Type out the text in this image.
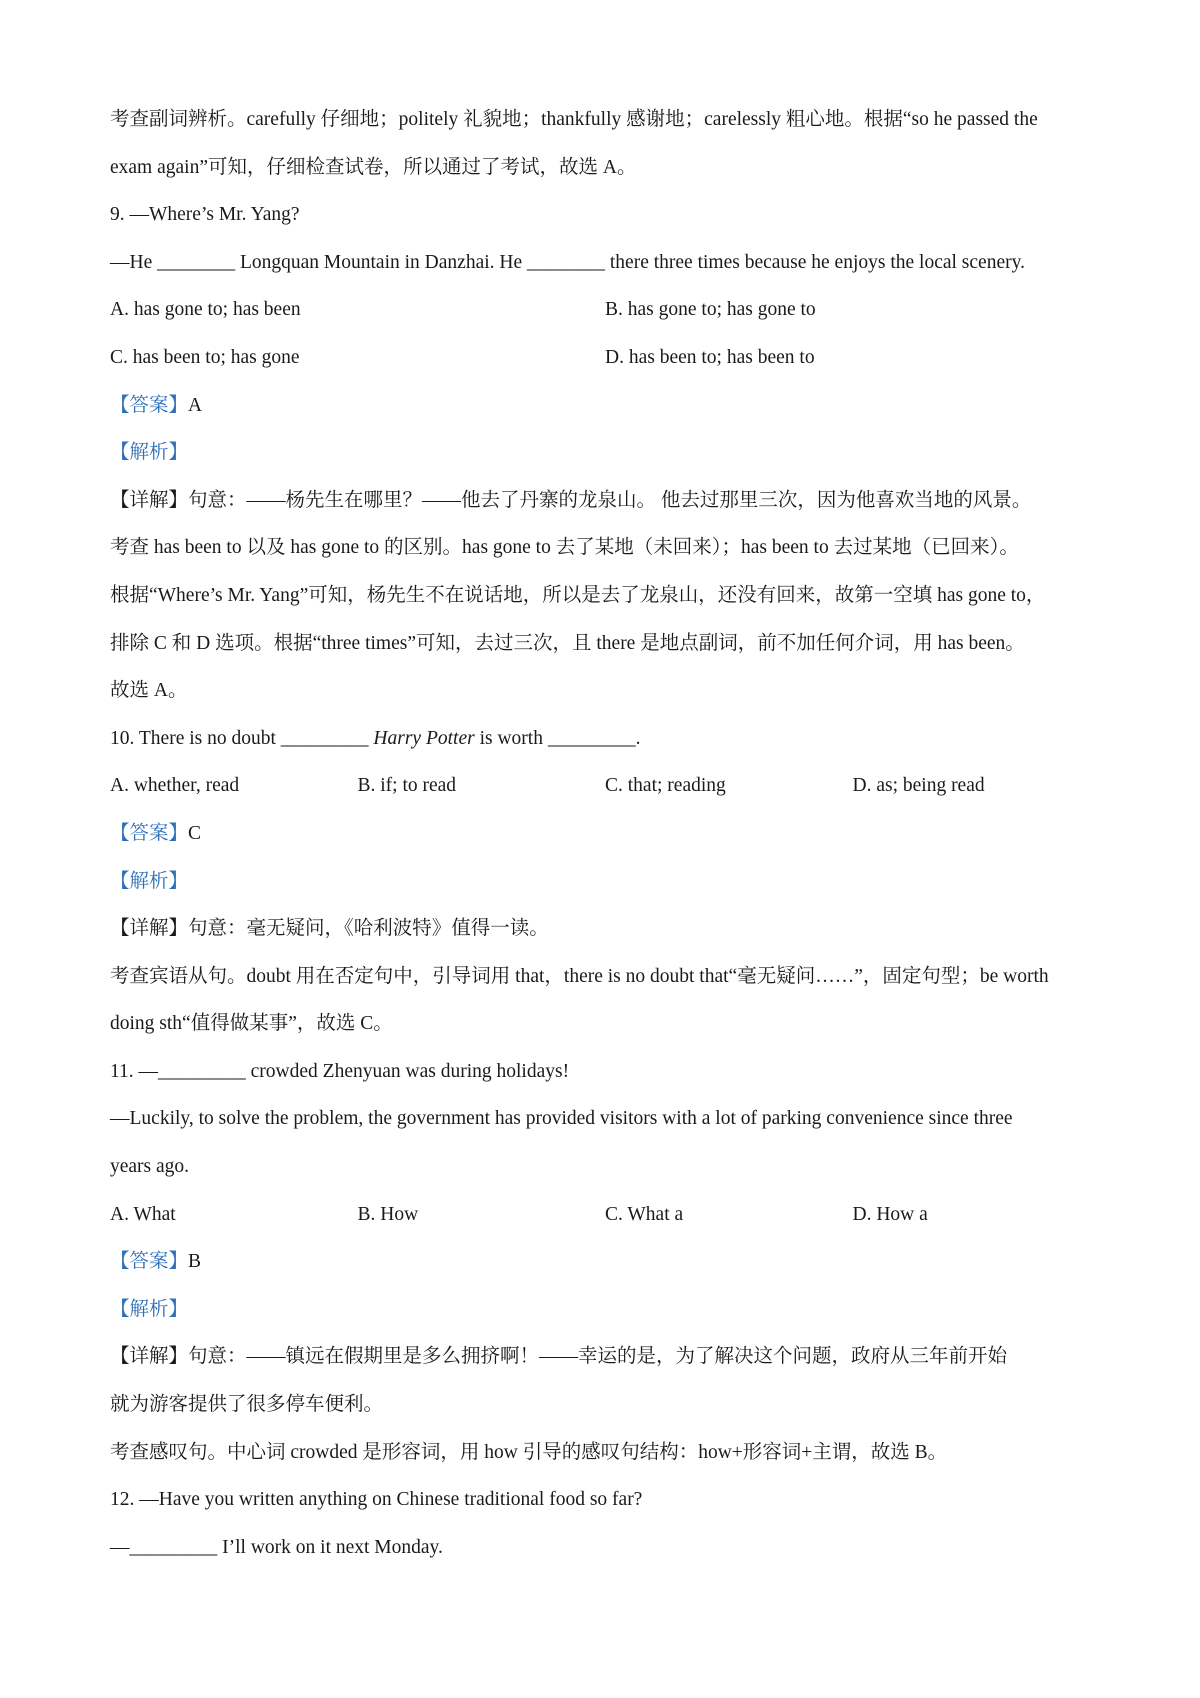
考查副词辨析。carefully 仔细地；politely 礼貌地；thankfully 感谢地；carelessly 粗心地。根据“so he passed the
exam again”可知，仔细检查试卷，所以通过了考试，故选 A。
9. —Where’s Mr. Yang?
—He ________ Longquan Mountain in Danzhai. He ________ there three times because he enjoys the local scenery.
A. has gone to; has been	B. has gone to; has gone to
C. has been to; has gone	D. has been to; has been to
【答案】A
【解析】
【详解】句意：——杨先生在哪里？——他去了丹寨的龙泉山。 他去过那里三次，因为他喜欢当地的风景。
考查 has been to 以及 has gone to 的区别。has gone to 去了某地（未回来）；has been to 去过某地（已回来）。
根据“Where’s Mr. Yang”可知，杨先生不在说话地，所以是去了龙泉山，还没有回来，故第一空填 has gone to，
排除 C 和 D 选项。根据“three times”可知，去过三次，且 there 是地点副词，前不加任何介词，用 has been。
故选 A。
10. There is no doubt _________ Harry Potter is worth _________.
A. whether, read	B. if; to read	C. that; reading	D. as; being read
【答案】C
【解析】
【详解】句意：毫无疑问，《哈利波特》值得一读。
考查宾语从句。doubt 用在否定句中，引导词用 that，there is no doubt that“毫无疑问……”，固定句型；be worth
doing sth“值得做某事”，故选 C。
11. —_________ crowded Zhenyuan was during holidays!
—Luckily, to solve the problem, the government has provided visitors with a lot of parking convenience since three
years ago.
A. What	B. How	C. What a	D. How a
【答案】B
【解析】
【详解】句意：——镇远在假期里是多么拥挤啊！——幸运的是，为了解决这个问题，政府从三年前开始
就为游客提供了很多停车便利。
考查感叹句。中心词 crowded 是形容词，用 how 引导的感叹句结构：how+形容词+主谓，故选 B。
12. —Have you written anything on Chinese traditional food so far?
—_________ I’ll work on it next Monday.
